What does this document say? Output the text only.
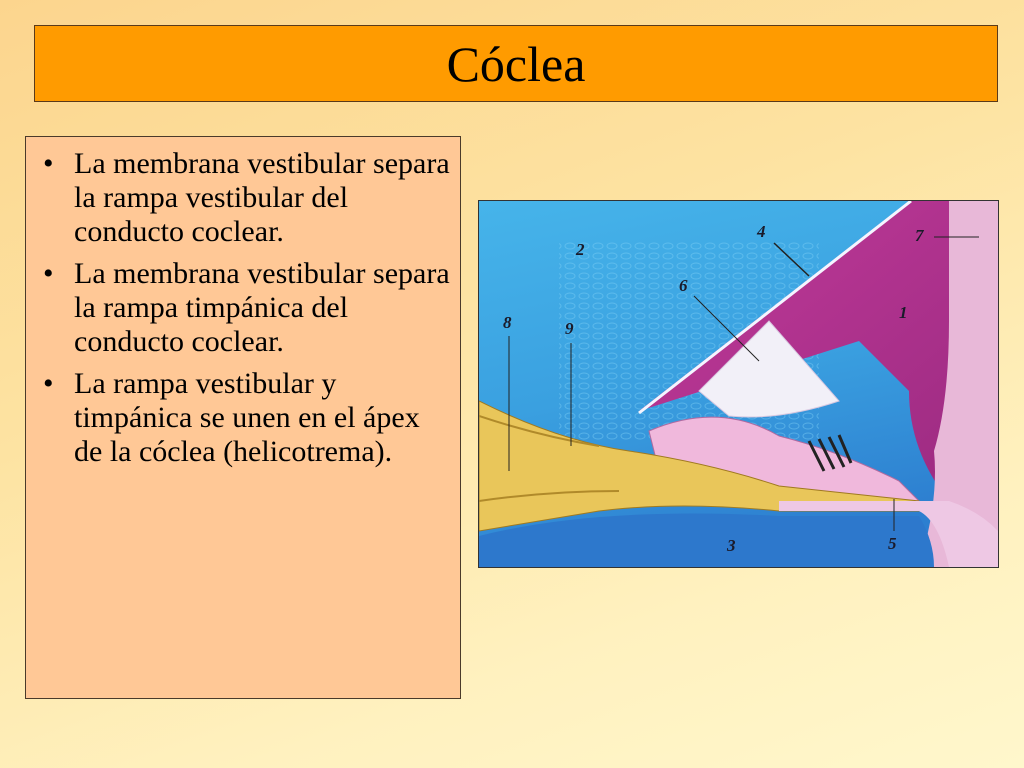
Cóclea
• La membrana vestibular separa la rampa vestibular del conducto coclear.
• La membrana vestibular separa la rampa timpánica del conducto coclear.
• La rampa vestibular y timpánica se unen en el ápex de la cóclea (helicotrema).
1
2
3
4
5
6
7
8	9
